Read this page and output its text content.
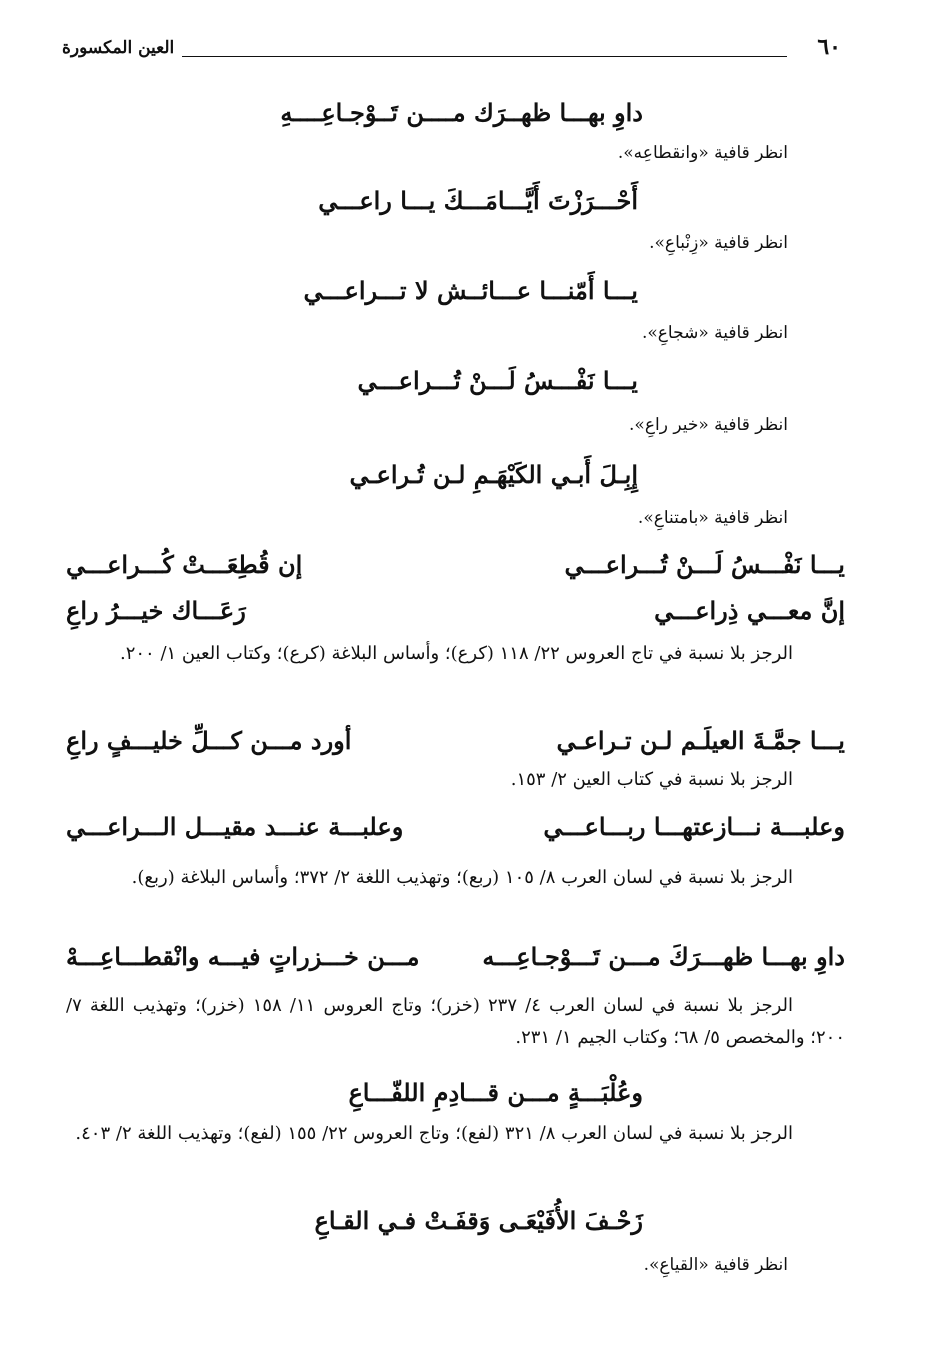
٦٠
العين المكسورة
داوِ بهـــا ظهــرَك مــــن تَــوْجـاعِــــهِ
انظر قافية «وانقطاعِه».
أَحْـــرَزْتَ أَيَّـــامَـــكَ يـــا راعـــي
انظر قافية «زِنْباعِ».
يـــا أَمّنـــا عـــائــش لا تـــراعـــي
انظر قافية «شجاعِ».
يـــا نَفْـــسُ لَـــنْ تُـــراعـــي
انظر قافية «خير راعِ».
إِبِـلَ أَبـي الكَيْهَـمِ لـن تُـراعـي
انظر قافية «بامتناعِ».
يـــا نَفْـــسُ لَـــنْ تُـــراعـــي
إن قُطِعَـــتْ كُـــراعـــي
إنَّ معـــي ذِراعـــي
رَعَـــاك خيـــرُ راعِ
الرجز بلا نسبة في تاج العروس ٢٢/ ١١٨ (كرع)؛ وأساس البلاغة (كرع)؛ وكتاب العين ١/ ٢٠٠.
يـــا جمَّـةَ العيلَـم لـن تـراعـي
أورد مـــن كـــلِّ خليـــفٍ راعِ
الرجز بلا نسبة في كتاب العين ٢/ ١٥٣.
وعلبـــة نـــازعتهـــا ربـــاعـــي
وعلبـــة عنـــد مقيـــل الـــراعـــي
الرجز بلا نسبة في لسان العرب ٨/ ١٠٥ (ربع)؛ وتهذيب اللغة ٢/ ٣٧٢؛ وأساس البلاغة (ربع).
داوِ بهـــا ظهـــرَكَ مـــن تَـــوْجـاعِـــه
مـــن خـــزراتٍ فيـــه وانْقطـــاعِـــهْ
الرجز بلا نسبة في لسان العرب ٤/ ٢٣٧ (خزر)؛ وتاج العروس ١١/ ١٥٨ (خزر)؛ وتهذيب اللغة ٧/ ٢٠٠؛ والمخصص ٥/ ٦٨؛ وكتاب الجيم ١/ ٢٣١.
وعُلْبَـــةٍ مـــن قـــادِمِ اللفّـــاعِ
الرجز بلا نسبة في لسان العرب ٨/ ٣٢١ (لفع)؛ وتاج العروس ٢٢/ ١٥٥ (لفع)؛ وتهذيب اللغة ٢/ ٤٠٣.
زَحْـفَ الأُفَيْعَـى وَقفَـتْ فـي القـاعِ
انظر قافية «القياعِ».
